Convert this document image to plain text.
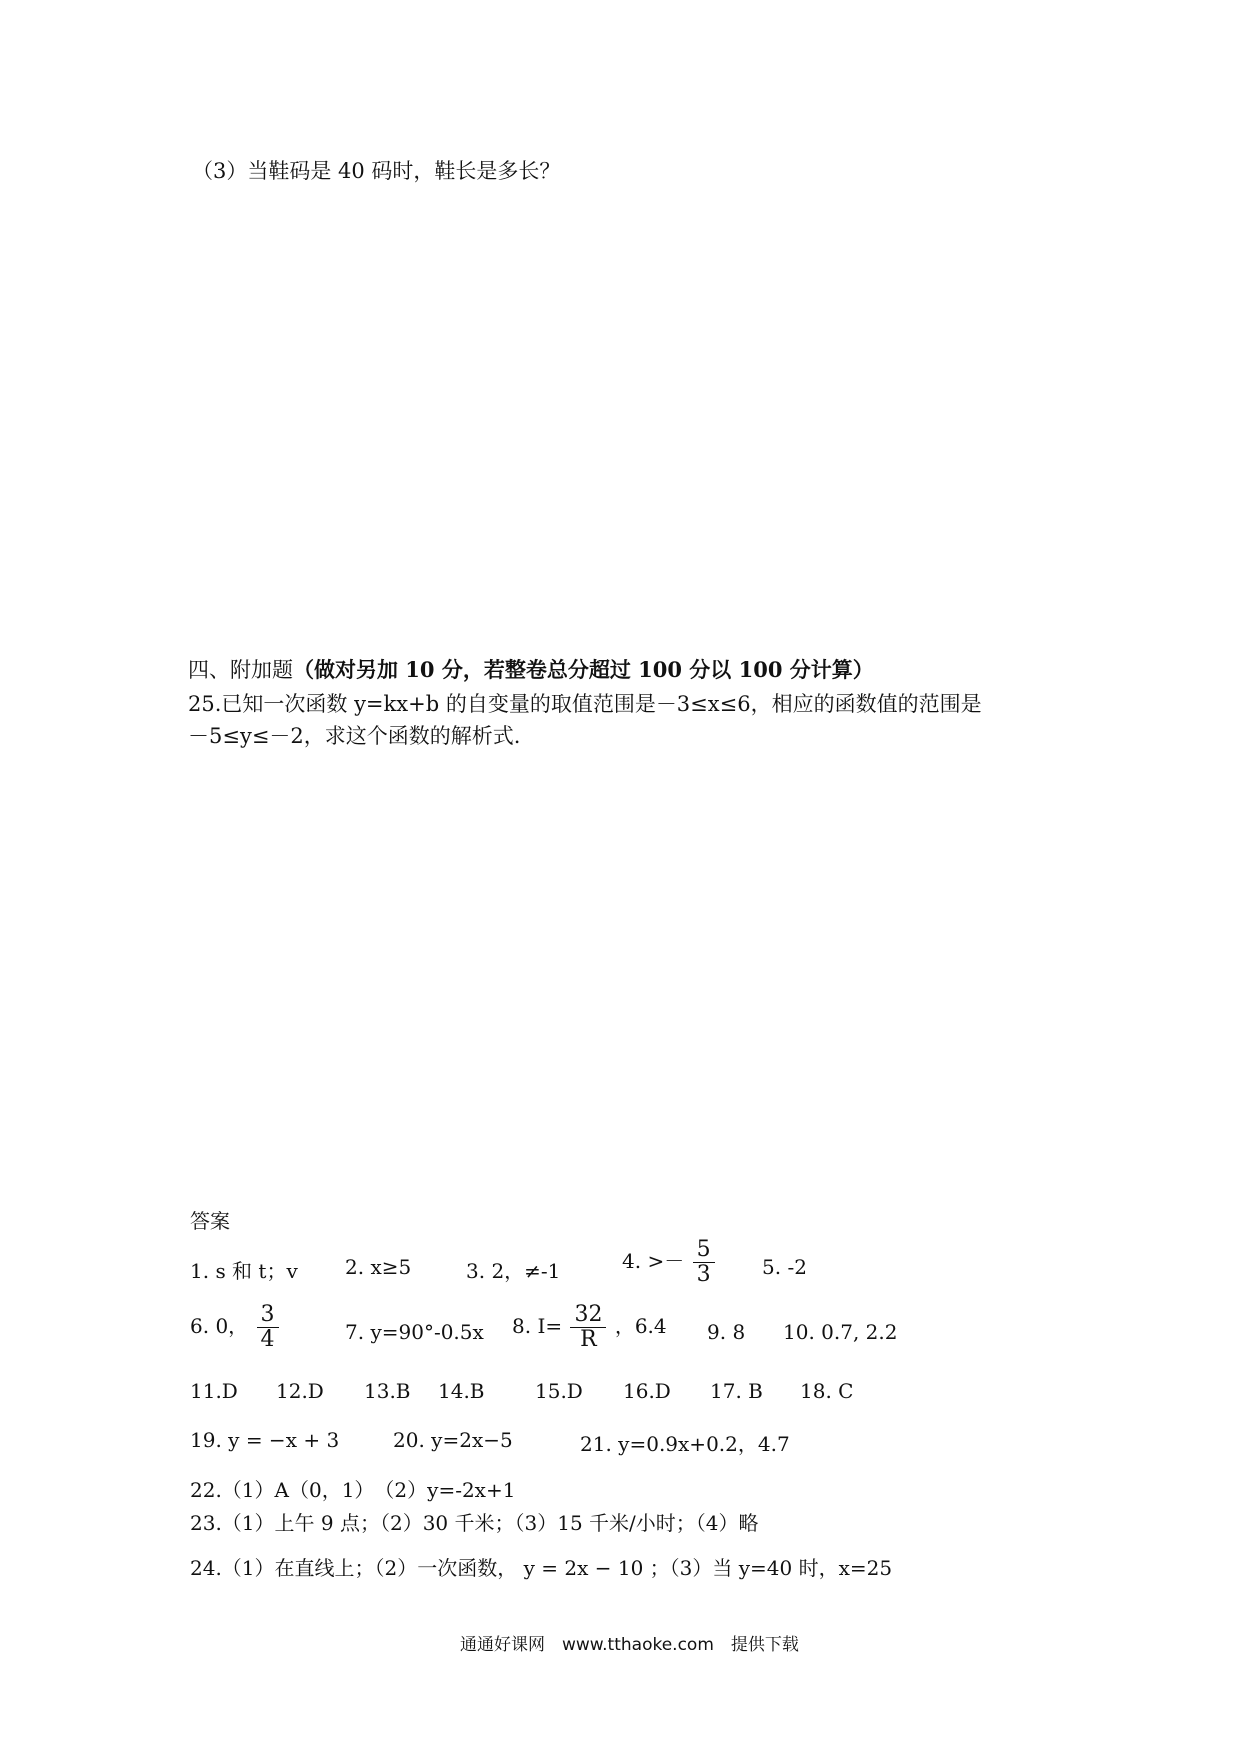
（3）当鞋码是 40 码时，鞋长是多长？
四、附加题（做对另加 10 分，若整卷总分超过 100 分以 100 分计算）
25.已知一次函数 y=kx+b 的自变量的取值范围是－3≤x≤6，相应的函数值的范围是
－5≤y≤－2，求这个函数的解析式.
答案
1. s 和 t；v 2. x≥5	3. 2，≠-1	4. >－ $\frac{5}{3} 5$. -2
6. 0， $\frac{3}{4}$	7. y=90°-0.5x 8. $I= \frac{32}{R}$ ，6.4 9. 8 10. 0.7, 2.2
11.D 12.D 13.B 14.B	15.D 16.D 17. B 18. C
19. y = −x + 3	20. y=2x−5	21. y=0.9x+0.2，4.7
22.（1）A（0，1）　（2）y=-2x+1
23.（1）上午 9 点；（2）30 千米；（3）15 千米/小时；（4）略
24.（1）在直线上；（2）一次函数， y = 2x − 10 ；（3）当 y=40 时，x=25
通通好课网　www.tthaoke.com　提供下载
